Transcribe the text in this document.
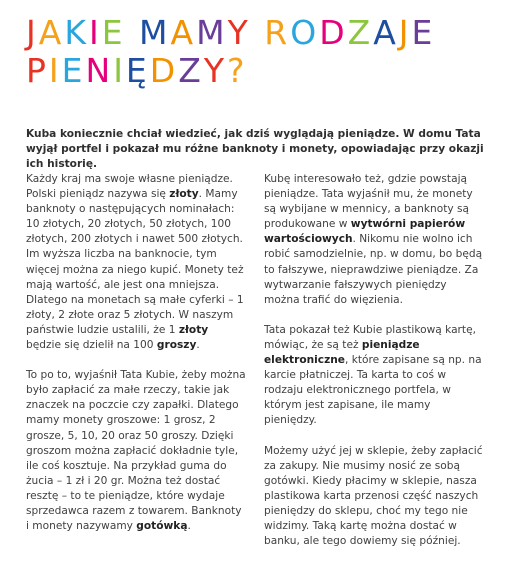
JAKIE MAMY RODZAJE
PIENIĘDZY?

Kuba koniecznie chciał wiedzieć, jak dziś wyglądają pieniądze. W domu Tata wyjął portfel i pokazał mu różne banknoty i monety, opowiadając przy okazji ich historię.

Każdy kraj ma swoje własne pieniądze. Polski pieniądz nazywa się złoty. Mamy banknoty o następujących nominałach: 10 złotych, 20 złotych, 50 złotych, 100 złotych, 200 złotych i nawet 500 złotych. Im wyższa liczba na banknocie, tym więcej można za niego kupić. Monety też mają wartość, ale jest ona mniejsza. Dlatego na monetach są małe cyferki – 1 złoty, 2 złote oraz 5 złotych. W naszym państwie ludzie ustalili, że 1 złoty będzie się dzielił na 100 groszy.

To po to, wyjaśnił Tata Kubie, żeby można było zapłacić za małe rzeczy, takie jak znaczek na poczcie czy zapałki. Dlatego mamy monety groszowe: 1 grosz, 2 grosze, 5, 10, 20 oraz 50 groszy. Dzięki groszom można zapłacić dokładnie tyle, ile coś kosztuje. Na przykład guma do żucia – 1 zł i 20 gr. Można też dostać resztę – to te pieniądze, które wydaje sprzedawca razem z towarem. Banknoty i monety nazywamy gotówką.

Kubę interesowało też, gdzie powstają pieniądze. Tata wyjaśnił mu, że monety są wybijane w mennicy, a banknoty są produkowane w wytwórni papierów wartościowych. Nikomu nie wolno ich robić samodzielnie, np. w domu, bo będą to fałszywe, nieprawdziwe pieniądze. Za wytwarzanie fałszywych pieniędzy można trafić do więzienia.

Tata pokazał też Kubie plastikową kartę, mówiąc, że są też pieniądze elektroniczne, które zapisane są np. na karcie płatniczej. Ta karta to coś w rodzaju elektronicznego portfela, w którym jest zapisane, ile mamy pieniędzy.

Możemy użyć jej w sklepie, żeby zapłacić za zakupy. Nie musimy nosić ze sobą gotówki. Kiedy płacimy w sklepie, nasza plastikowa karta przenosi część naszych pieniędzy do sklepu, choć my tego nie widzimy. Taką kartę można dostać w banku, ale tego dowiemy się później.
